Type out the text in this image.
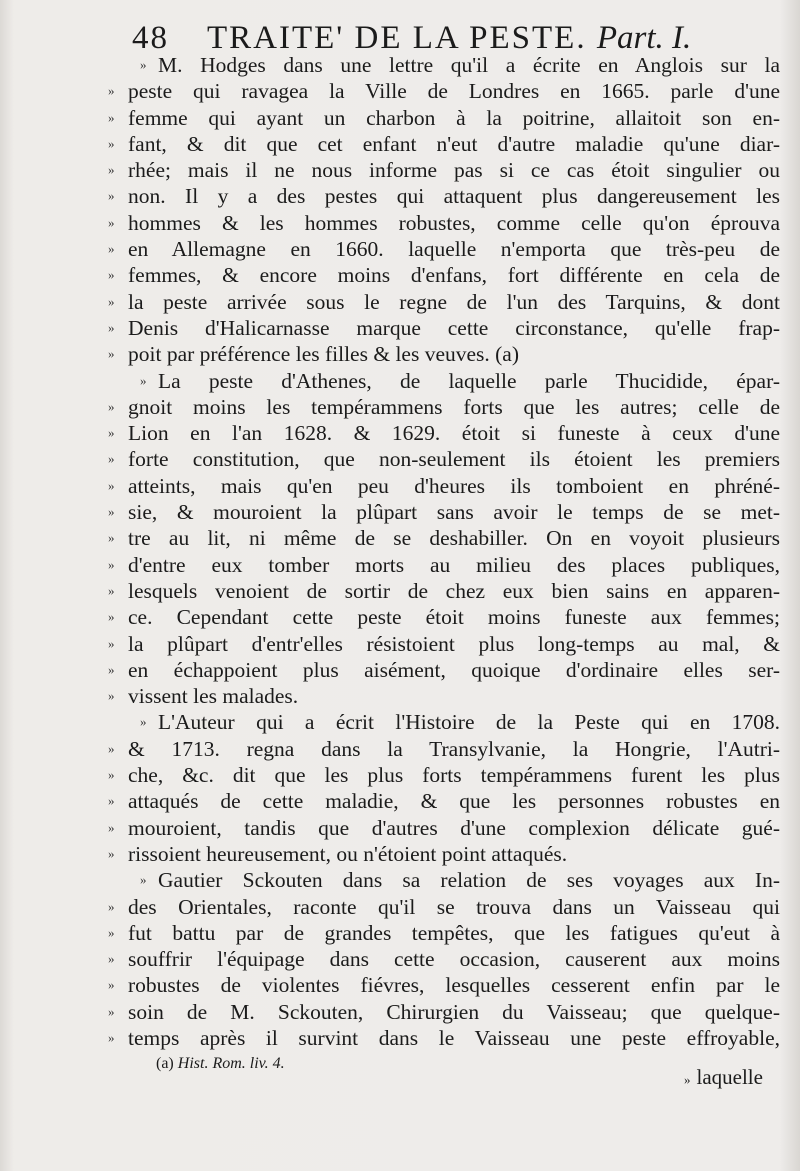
48 TRAITE' DE LA PESTE. Part. I.
» M. Hodges dans une lettre qu'il a écrite en Anglois sur la
» peste qui ravagea la Ville de Londres en 1665. parle d'une
» femme qui ayant un charbon à la poitrine, allaitoit son en-
» fant, & dit que cet enfant n'eut d'autre maladie qu'une diar-
» rhée; mais il ne nous informe pas si ce cas étoit singulier ou
» non. Il y a des pestes qui attaquent plus dangereusement les
» hommes & les hommes robustes, comme celle qu'on éprouva
» en Allemagne en 1660. laquelle n'emporta que très-peu de
» femmes, & encore moins d'enfans, fort différente en cela de
» la peste arrivée sous le regne de l'un des Tarquins, & dont
» Denis d'Halicarnasse marque cette circonstance, qu'elle frap-
» poit par préférence les filles & les veuves. (a)
» La peste d'Athenes, de laquelle parle Thucidide, épar-
» gnoit moins les tempérammens forts que les autres; celle de
» Lion en l'an 1628. & 1629. étoit si funeste à ceux d'une
» forte constitution, que non-seulement ils étoient les premiers
» atteints, mais qu'en peu d'heures ils tomboient en phréné-
» sie, & mouroient la plûpart sans avoir le temps de se met-
» tre au lit, ni même de se deshabiller. On en voyoit plusieurs
» d'entre eux tomber morts au milieu des places publiques,
» lesquels venoient de sortir de chez eux bien sains en apparen-
» ce. Cependant cette peste étoit moins funeste aux femmes;
» la plûpart d'entr'elles résistoient plus long-temps au mal, &
» en échappoient plus aisément, quoique d'ordinaire elles ser-
» vissent les malades.
» L'Auteur qui a écrit l'Histoire de la Peste qui en 1708.
» & 1713. regna dans la Transylvanie, la Hongrie, l'Autri-
» che, &c. dit que les plus forts tempérammens furent les plus
» attaqués de cette maladie, & que les personnes robustes en
» mouroient, tandis que d'autres d'une complexion délicate gué-
» rissoient heureusement, ou n'étoient point attaqués.
» Gautier Sckouten dans sa relation de ses voyages aux In-
» des Orientales, raconte qu'il se trouva dans un Vaisseau qui
» fut battu par de grandes tempêtes, que les fatigues qu'eut à
» souffrir l'équipage dans cette occasion, causerent aux moins
» robustes de violentes fiévres, lesquelles cesserent enfin par le
» soin de M. Sckouten, Chirurgien du Vaisseau; que quelque-
» temps après il survint dans le Vaisseau une peste effroyable,
(a) Hist. Rom. liv. 4.
» laquelle
